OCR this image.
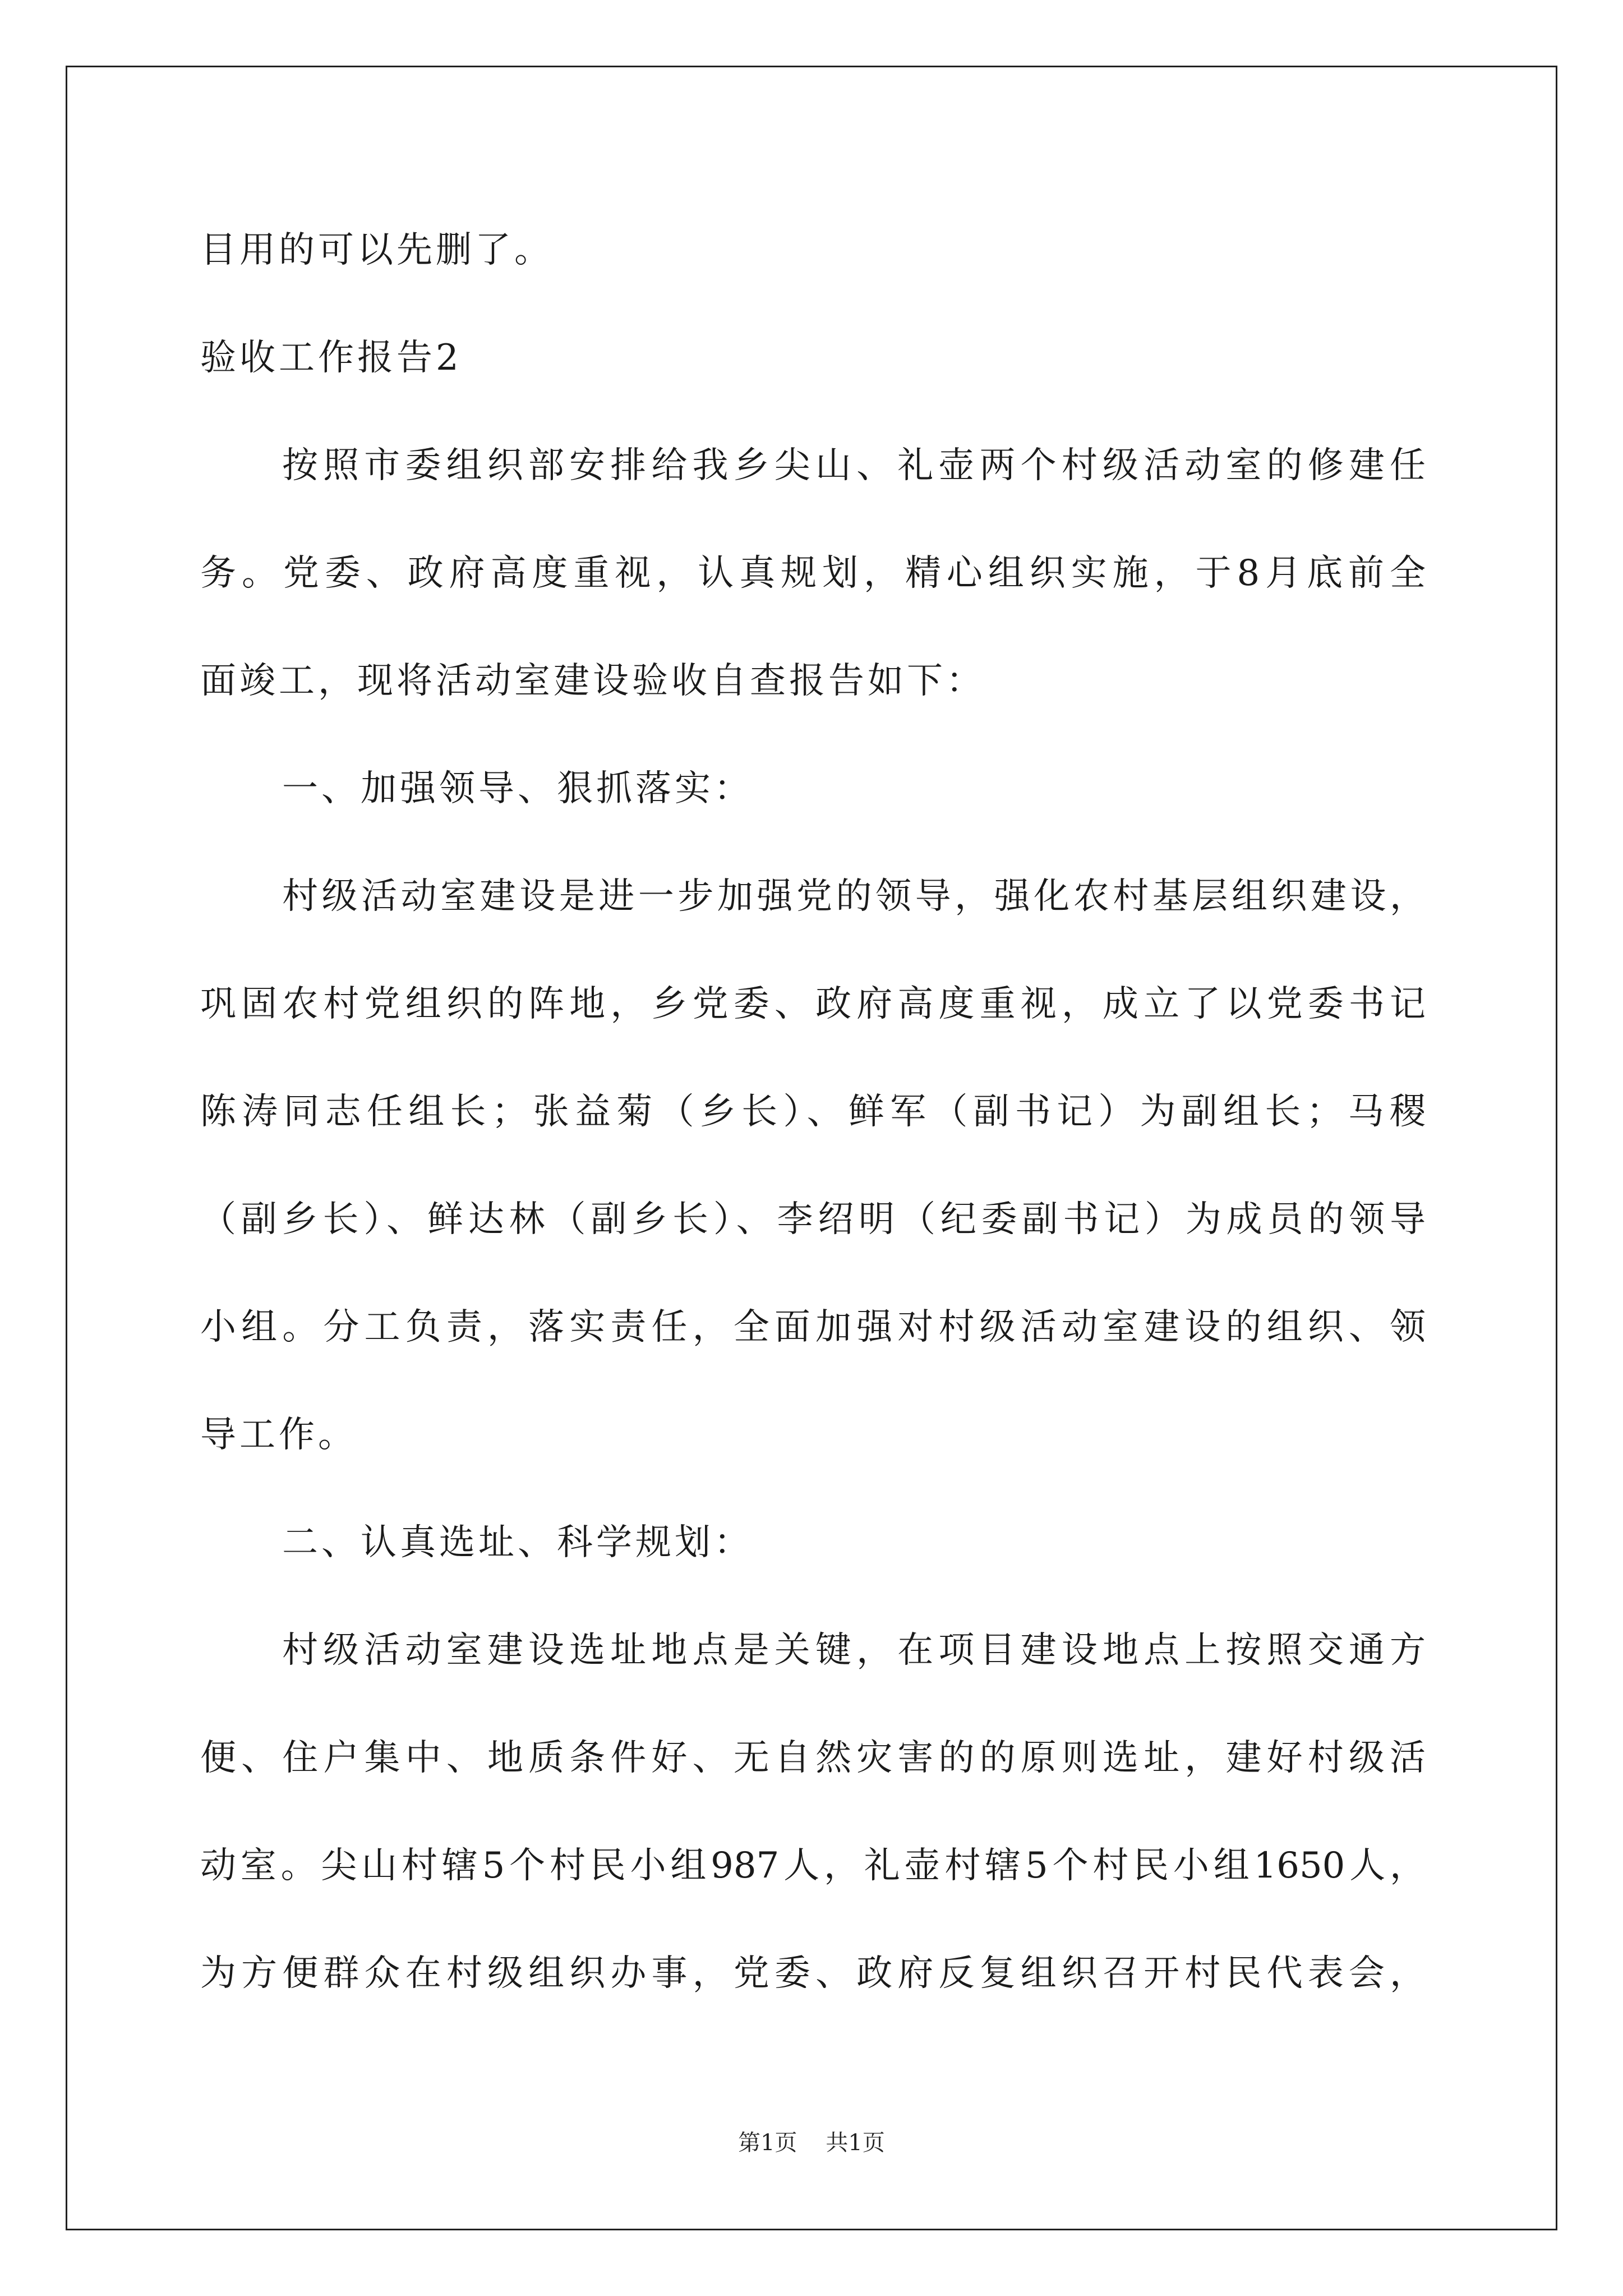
目用的可以先删了。
验收工作报告2
按照市委组织部安排给我乡尖山、礼壶两个村级活动室的修建任
务。党委、政府高度重视，认真规划，精心组织实施，于8月底前全
面竣工，现将活动室建设验收自查报告如下：
一、加强领导、狠抓落实：
村级活动室建设是进一步加强党的领导，强化农村基层组织建设，
巩固农村党组织的阵地，乡党委、政府高度重视，成立了以党委书记
陈涛同志任组长；张益菊（乡长）、鲜军（副书记）为副组长；马稷
（副乡长）、鲜达林（副乡长）、李绍明（纪委副书记）为成员的领导
小组。分工负责，落实责任，全面加强对村级活动室建设的组织、领
导工作。
二、认真选址、科学规划：
村级活动室建设选址地点是关键，在项目建设地点上按照交通方
便、住户集中、地质条件好、无自然灾害的的原则选址，建好村级活
动室。尖山村辖5个村民小组987人，礼壶村辖5个村民小组1650人，
为方便群众在村级组织办事，党委、政府反复组织召开村民代表会，
第1页 共1页
